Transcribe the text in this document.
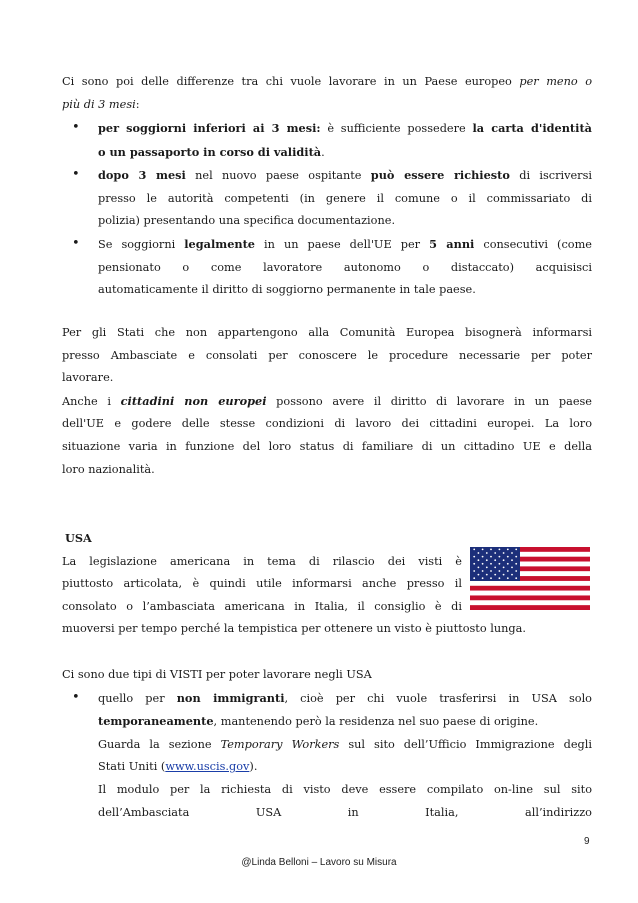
Ci sono poi delle differenze tra chi vuole lavorare in un Paese europeo per meno o
più di 3 mesi:
• per soggiorni inferiori ai 3 mesi: è sufficiente possedere la carta d'identità
o un passaporto in corso di validità.
• dopo 3 mesi nel nuovo paese ospitante può essere richiesto di iscriversi
presso le autorità competenti (in genere il comune o il commissariato di
polizia) presentando una specifica documentazione.
• Se soggiorni legalmente in un paese dell'UE per 5 anni consecutivi (come
pensionato o come lavoratore autonomo o distaccato) acquisisci
automaticamente il diritto di soggiorno permanente in tale paese.
Per gli Stati che non appartengono alla Comunità Europea bisognerà informarsi
presso Ambasciate e consolati per conoscere le procedure necessarie per poter
lavorare.
Anche i cittadini non europei possono avere il diritto di lavorare in un paese
dell'UE e godere delle stesse condizioni di lavoro dei cittadini europei. La loro
situazione varia in funzione del loro status di familiare di un cittadino UE e della
loro nazionalità.
USA
La legislazione americana in tema di rilascio dei visti è
piuttosto articolata, è quindi utile informarsi anche presso il
consolato o l’ambasciata americana in Italia, il consiglio è di
muoversi per tempo perché la tempistica per ottenere un visto è piuttosto lunga.
Ci sono due tipi di VISTI per poter lavorare negli USA
• quello per non immigranti, cioè per chi vuole trasferirsi in USA solo
temporaneamente, mantenendo però la residenza nel suo paese di origine.
Guarda la sezione Temporary Workers sul sito dell’Ufficio Immigrazione degli
Stati Uniti (www.uscis.gov).
Il modulo per la richiesta di visto deve essere compilato on-line sul sito
dell’Ambasciata USA in Italia, all’indirizzo
9
@Linda Belloni – Lavoro su Misura
